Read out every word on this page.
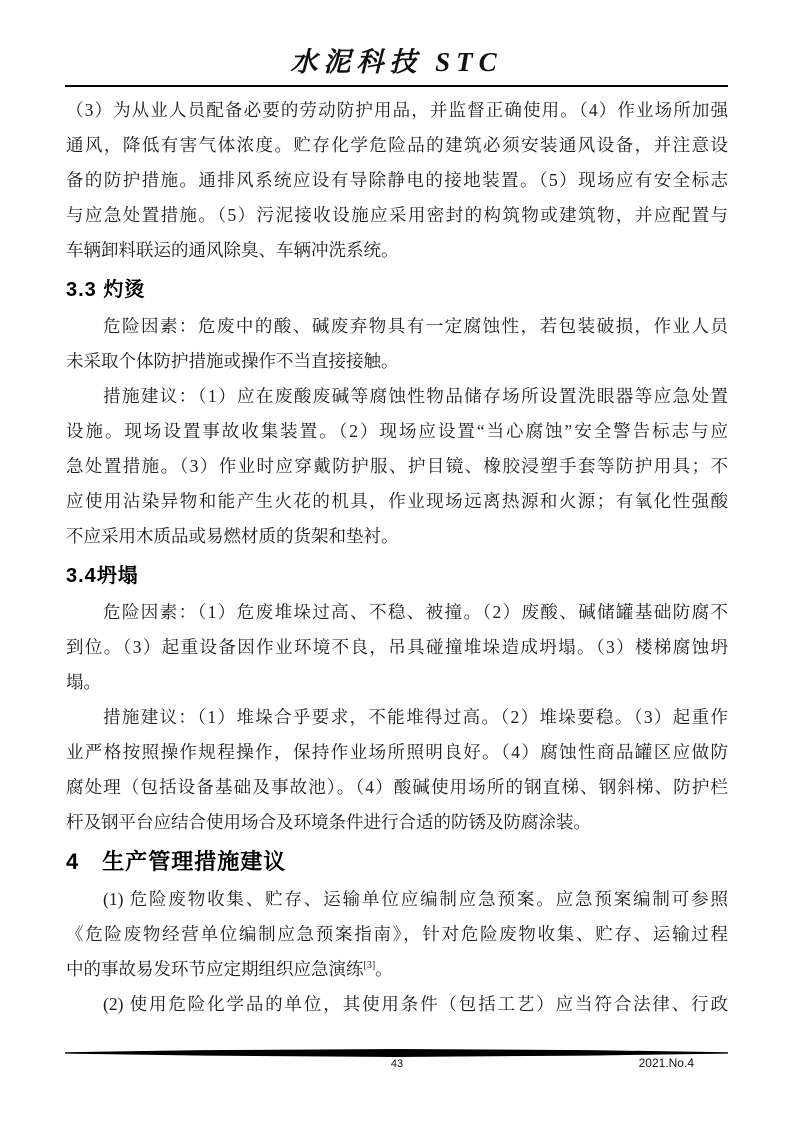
水泥科技 STC
（3）为从业人员配备必要的劳动防护用品，并监督正确使用。（4）作业场所加强
通风，降低有害气体浓度。贮存化学危险品的建筑必须安装通风设备，并注意设
备的防护措施。通排风系统应设有导除静电的接地装置。（5）现场应有安全标志
与应急处置措施。（5）污泥接收设施应采用密封的构筑物或建筑物，并应配置与
车辆卸料联运的通风除臭、车辆冲洗系统。
3.3 灼烫
危险因素：危废中的酸、碱废弃物具有一定腐蚀性，若包装破损，作业人员
未采取个体防护措施或操作不当直接接触。
措施建议：（1）应在废酸废碱等腐蚀性物品储存场所设置洗眼器等应急处置
设施。现场设置事故收集装置。（2）现场应设置“当心腐蚀”安全警告标志与应
急处置措施。（3）作业时应穿戴防护服、护目镜、橡胶浸塑手套等防护用具；不
应使用沾染异物和能产生火花的机具，作业现场远离热源和火源；有氧化性强酸
不应采用木质品或易燃材质的货架和垫衬。
3.4坍塌
危险因素：（1）危废堆垛过高、不稳、被撞。（2）废酸、碱储罐基础防腐不
到位。（3）起重设备因作业环境不良，吊具碰撞堆垛造成坍塌。（3）楼梯腐蚀坍
塌。
措施建议：（1）堆垛合乎要求，不能堆得过高。（2）堆垛要稳。（3）起重作
业严格按照操作规程操作，保持作业场所照明良好。（4）腐蚀性商品罐区应做防
腐处理（包括设备基础及事故池）。（4）酸碱使用场所的钢直梯、钢斜梯、防护栏
杆及钢平台应结合使用场合及环境条件进行合适的防锈及防腐涂装。
4　生产管理措施建议
(1) 危险废物收集、贮存、运输单位应编制应急预案。应急预案编制可参照
《危险废物经营单位编制应急预案指南》，针对危险废物收集、贮存、运输过程
中的事故易发环节应定期组织应急演练[3]。
(2) 使用危险化学品的单位，其使用条件（包括工艺）应当符合法律、行政
43	2021.No.4
